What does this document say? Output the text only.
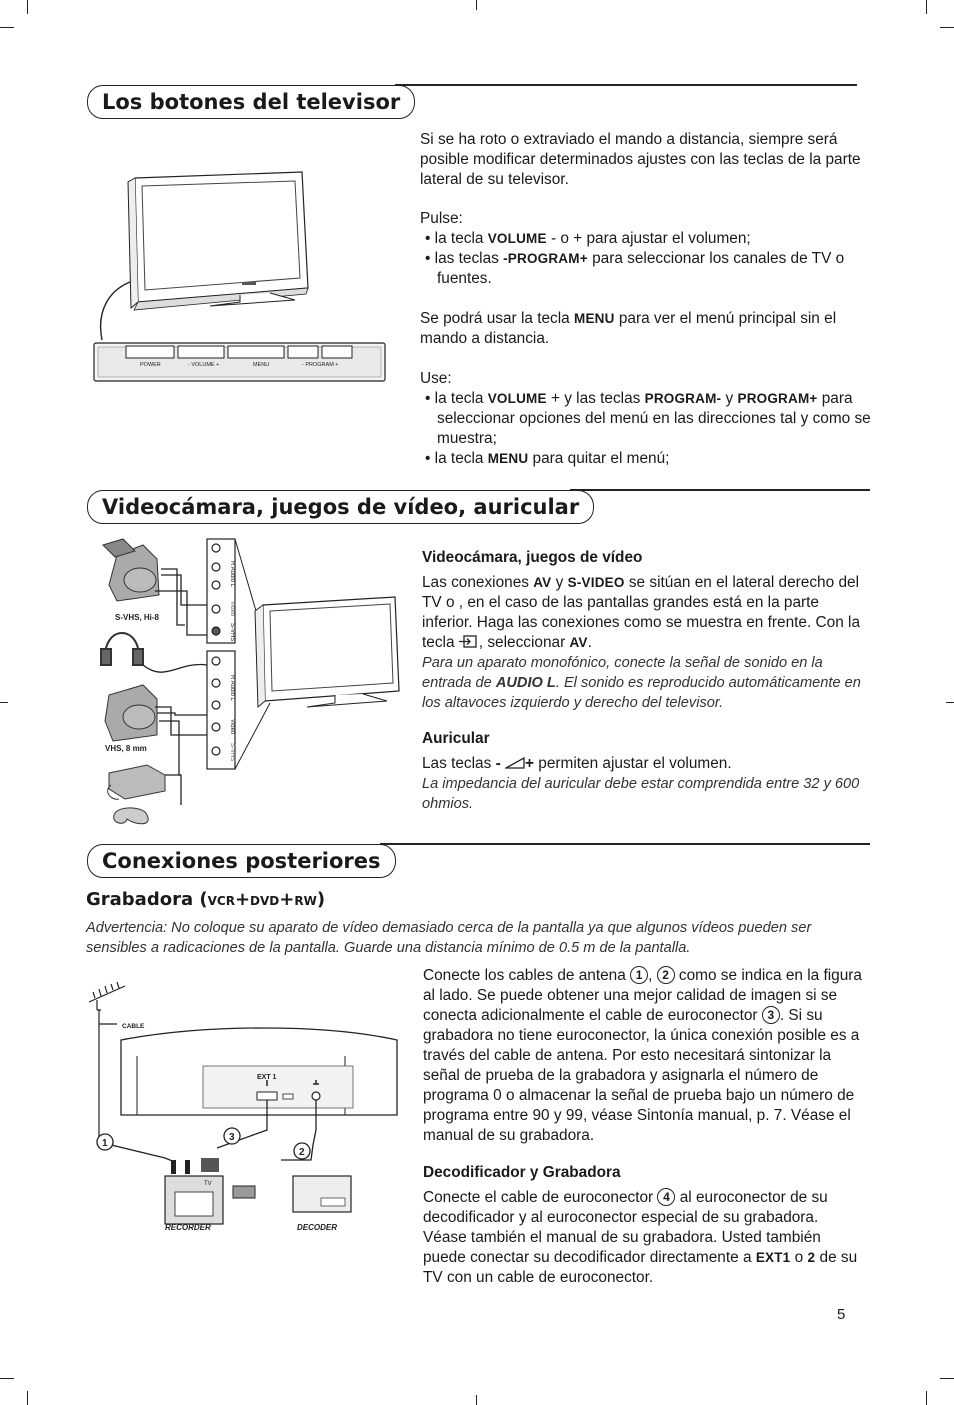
Los botones del televisor
POWER	- VOLUME +	MENU	- PROGRAM +

Si se ha roto o extraviado el mando a distancia, siempre será posible modificar determinados ajustes con las teclas de la parte lateral de su televisor.

Pulse:

• la tecla VOLUME - o + para ajustar el volumen;

• las teclas -PROGRAM+ para seleccionar los canales de TV o fuentes.

Se podrá usar la tecla MENU para ver el menú principal sin el mando a distancia.

Use:

• la tecla VOLUME + y las teclas PROGRAM- y PROGRAM+ para seleccionar opciones del menú en las direcciones tal y como se muestra;

• la tecla MENU para quitar el menú;

Videocámara, juegos de vídeo, auricular
S-VHS, Hi-8
VHS, 8 mm
R Audio L
Video
S-VHS
R Audio L
Video
S-VHS

Videocámara, juegos de vídeo

Las conexiones AV y S-VIDEO se sitúan en el lateral derecho del TV o , en el caso de las pantallas grandes está en la parte inferior. Haga las conexiones como se muestra en frente. Con la tecla , seleccionar AV.

Para un aparato monofónico, conecte la señal de sonido en la entrada de AUDIO L. El sonido es reproducido automáticamente en los altavoces izquierdo y derecho del televisor.

Auricular

Las teclas - + permiten ajustar el volumen.

La impedancia del auricular debe estar comprendida entre 32 y 600 ohmios.

Conexiones posteriores
Grabadora (VCR+DVD+RW)
Advertencia: No coloque su aparato de vídeo demasiado cerca de la pantalla ya que algunos vídeos pueden ser sensibles a radicaciones de la pantalla. Guarde una distancia mínimo de 0.5 m de la pantalla.
CABLE
EXT 1
TV
RECORDER	DECODER
1
3
2

Conecte los cables de antena 1 , 2 como se indica en la figura al lado. Se puede obtener una mejor calidad de imagen si se conecta adicionalmente el cable de euroconector 3 . Si su grabadora no tiene euroconector, la única conexión posible es a través del cable de antena. Por esto necesitará sintonizar la señal de prueba de la grabadora y asignarla el número de programa 0 o almacenar la señal de prueba bajo un número de programa entre 90 y 99, véase Sintonía manual, p. 7. Véase el manual de su grabadora.

Decodificador y Grabadora

Conecte el cable de euroconector 4 al euroconector de su decodificador y al euroconector especial de su grabadora. Véase también el manual de su grabadora. Usted también puede conectar su decodificador directamente a EXT1 o 2 de su TV con un cable de euroconector.

5
